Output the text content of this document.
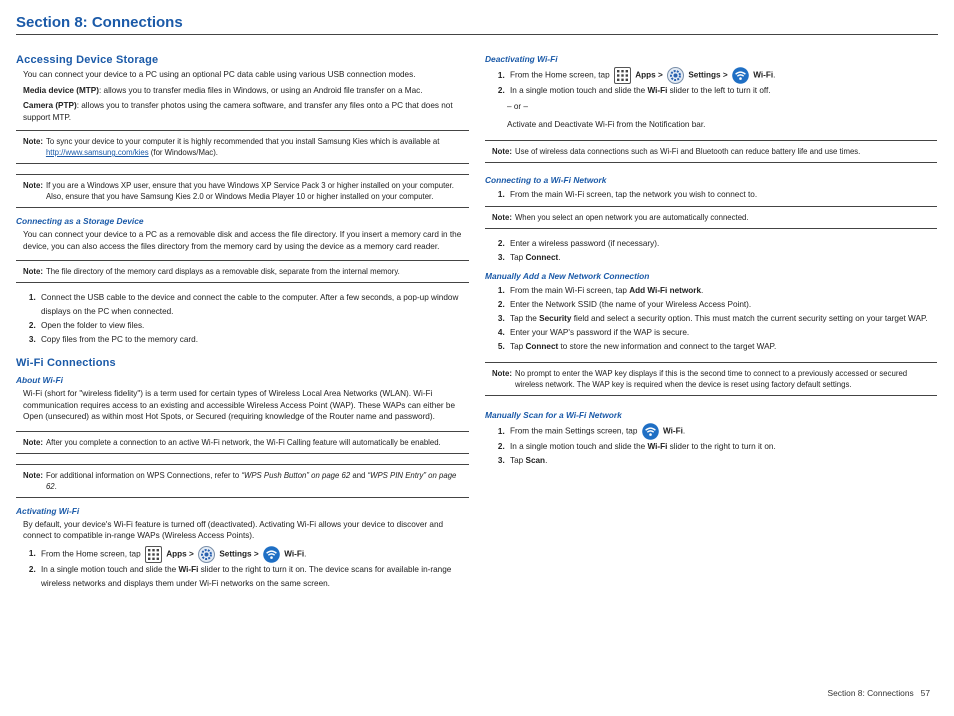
Section 8: Connections
Accessing Device Storage

You can connect your device to a PC using an optional PC data cable using various USB connection modes.

Media device (MTP): allows you to transfer media files in Windows, or using an Android file transfer on a Mac.

Camera (PTP): allows you to transfer photos using the camera software, and transfer any files onto a PC that does not support MTP.

Note: To sync your device to your computer it is highly recommended that you install Samsung Kies which is available at http://www.samsung.com/kies (for Windows/Mac).
Note: If you are a Windows XP user, ensure that you have Windows XP Service Pack 3 or higher installed on your computer. Also, ensure that you have Samsung Kies 2.0 or Windows Media Player 10 or higher installed on your computer.
Connecting as a Storage Device

You can connect your device to a PC as a removable disk and access the file directory. If you insert a memory card in the device, you can also access the files directory from the memory card by using the device as a memory card reader.

Note: The file directory of the memory card displays as a removable disk, separate from the internal memory.
1. Connect the USB cable to the device and connect the cable to the computer. After a few seconds, a pop-up window displays on the PC when connected.
2. Open the folder to view files.
3. Copy files from the PC to the memory card.
Wi-Fi Connections
About Wi-Fi

Wi-Fi (short for "wireless fidelity") is a term used for certain types of Wireless Local Area Networks (WLAN). Wi-Fi communication requires access to an existing and accessible Wireless Access Point (WAP). These WAPs can either be Open (unsecured) as within most Hot Spots, or Secured (requiring knowledge of the Router name and password).

Note: After you complete a connection to an active Wi-Fi network, the Wi-Fi Calling feature will automatically be enabled.
Note: For additional information on WPS Connections, refer to “WPS Push Button” on page 62 and “WPS PIN Entry” on page 62.
Activating Wi-Fi

By default, your device's Wi-Fi feature is turned off (deactivated). Activating Wi-Fi allows your device to discover and connect to compatible in-range WAPs (Wireless Access Points).

1. From the Home screen, tap	Apps >	Settings >	Wi-Fi.
2. In a single motion touch and slide the Wi-Fi slider to the right to turn it on. The device scans for available in-range wireless networks and displays them under Wi-Fi networks on the same screen.
Deactivating Wi-Fi
1. From the Home screen, tap	Apps >	Settings >	Wi-Fi.
2. In a single motion touch and slide the Wi-Fi slider to the left to turn it off.
– or –
Activate and Deactivate Wi-Fi from the Notification bar.
Note: Use of wireless data connections such as Wi-Fi and Bluetooth can reduce battery life and use times.
Connecting to a Wi-Fi Network
1. From the main Wi-Fi screen, tap the network you wish to connect to.
Note: When you select an open network you are automatically connected.
2. Enter a wireless password (if necessary).
3. Tap Connect.
Manually Add a New Network Connection
1. From the main Wi-Fi screen, tap Add Wi-Fi network.
2. Enter the Network SSID (the name of your Wireless Access Point).
3. Tap the Security field and select a security option. This must match the current security setting on your target WAP.
4. Enter your WAP's password if the WAP is secure.
5. Tap Connect to store the new information and connect to the target WAP.
Note: No prompt to enter the WAP key displays if this is the second time to connect to a previously accessed or secured wireless network. The WAP key is required when the device is reset using factory default settings.
Manually Scan for a Wi-Fi Network
1. From the main Settings screen, tap	Wi-Fi.
2. In a single motion touch and slide the Wi-Fi slider to the right to turn it on.
3. Tap Scan.
Section 8: Connections 57
